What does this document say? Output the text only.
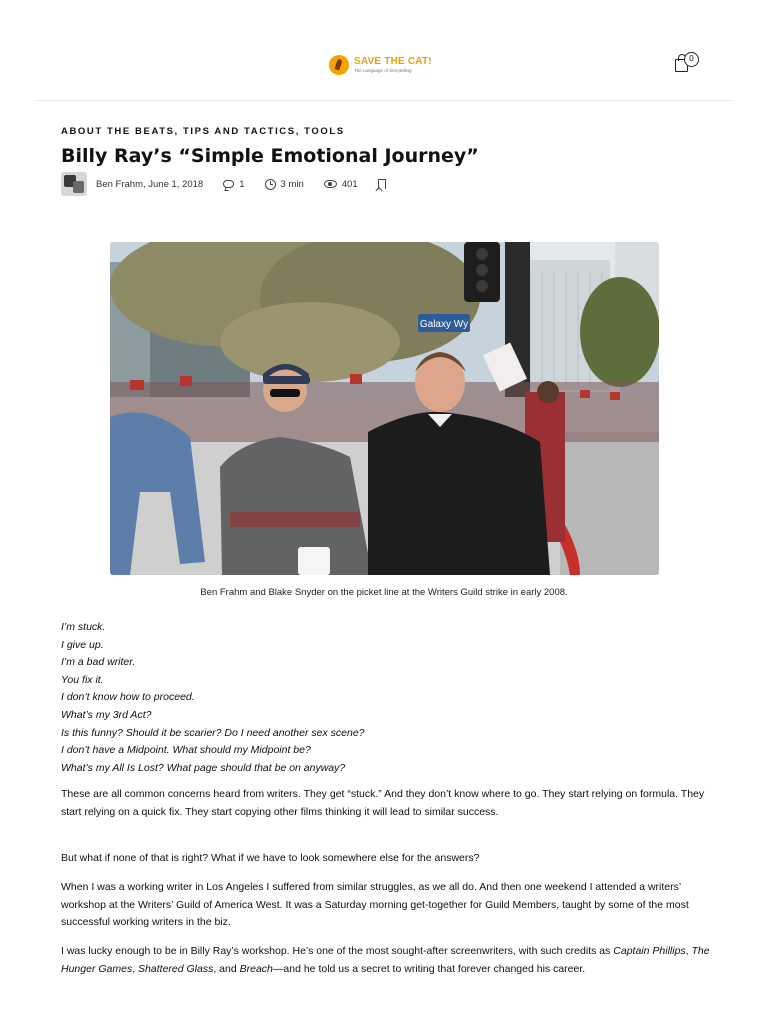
SAVE THE CAT!
The Language of Storytelling
0
ABOUT THE BEATS, TIPS AND TACTICS, TOOLS
Billy Ray’s “Simple Emotional Journey”
Ben Frahm, June 1, 2018	1	3 min	401
Galaxy Wy
Ben Frahm and Blake Snyder on the picket line at the Writers Guild strike in early 2008.
I’m stuck.
I give up.
I’m a bad writer.
You fix it.
I don’t know how to proceed.
What’s my 3rd Act?
Is this funny? Should it be scarier? Do I need another sex scene?
I don’t have a Midpoint. What should my Midpoint be?
What’s my All Is Lost? What page should that be on anyway?

These are all common concerns heard from writers. They get “stuck.” And they don’t know where to go. They start relying on formula. They start relying on a quick fix. They start copying other films thinking it will lead to similar success.

But what if none of that is right? What if we have to look somewhere else for the answers?

When I was a working writer in Los Angeles I suffered from similar struggles, as we all do. And then one weekend I attended a writers’ workshop at the Writers’ Guild of America West. It was a Saturday morning get-together for Guild Members, taught by some of the most successful working writers in the biz.

I was lucky enough to be in Billy Ray’s workshop. He’s one of the most sought-after screenwriters, with such credits as Captain Phillips, The Hunger Games, Shattered Glass, and Breach—and he told us a secret to writing that forever changed his career.
